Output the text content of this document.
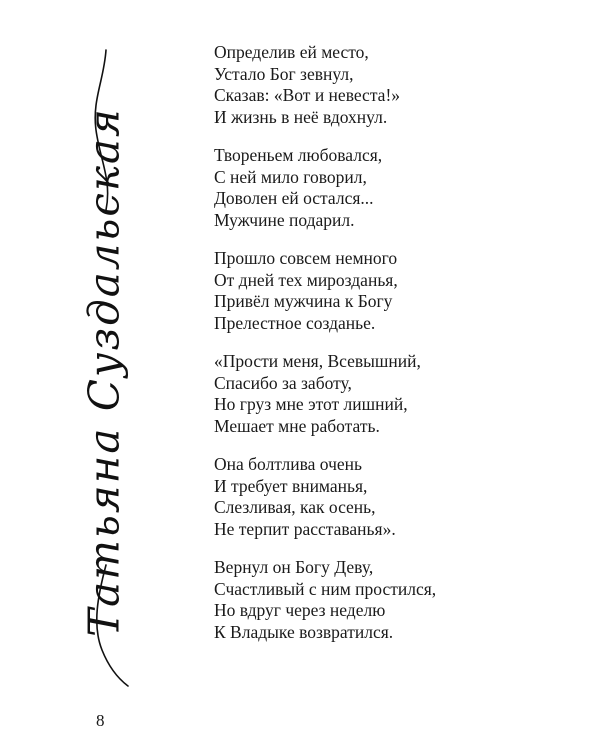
Татьяна Суздальская
Определив ей место,
Устало Бог зевнул,
Сказав: «Вот и невеста!»
И жизнь в неё вдохнул.
Твореньем любовался,
С ней мило говорил,
Доволен ей остался...
Мужчине подарил.
Прошло совсем немного
От дней тех мирозданья,
Привёл мужчина к Богу
Прелестное созданье.
«Прости меня, Всевышний,
Спасибо за заботу,
Но груз мне этот лишний,
Мешает мне работать.
Она болтлива очень
И требует вниманья,
Слезливая, как осень,
Не терпит расставанья».
Вернул он Богу Деву,
Счастливый с ним простился,
Но вдруг через неделю
К Владыке возвратился.
8
